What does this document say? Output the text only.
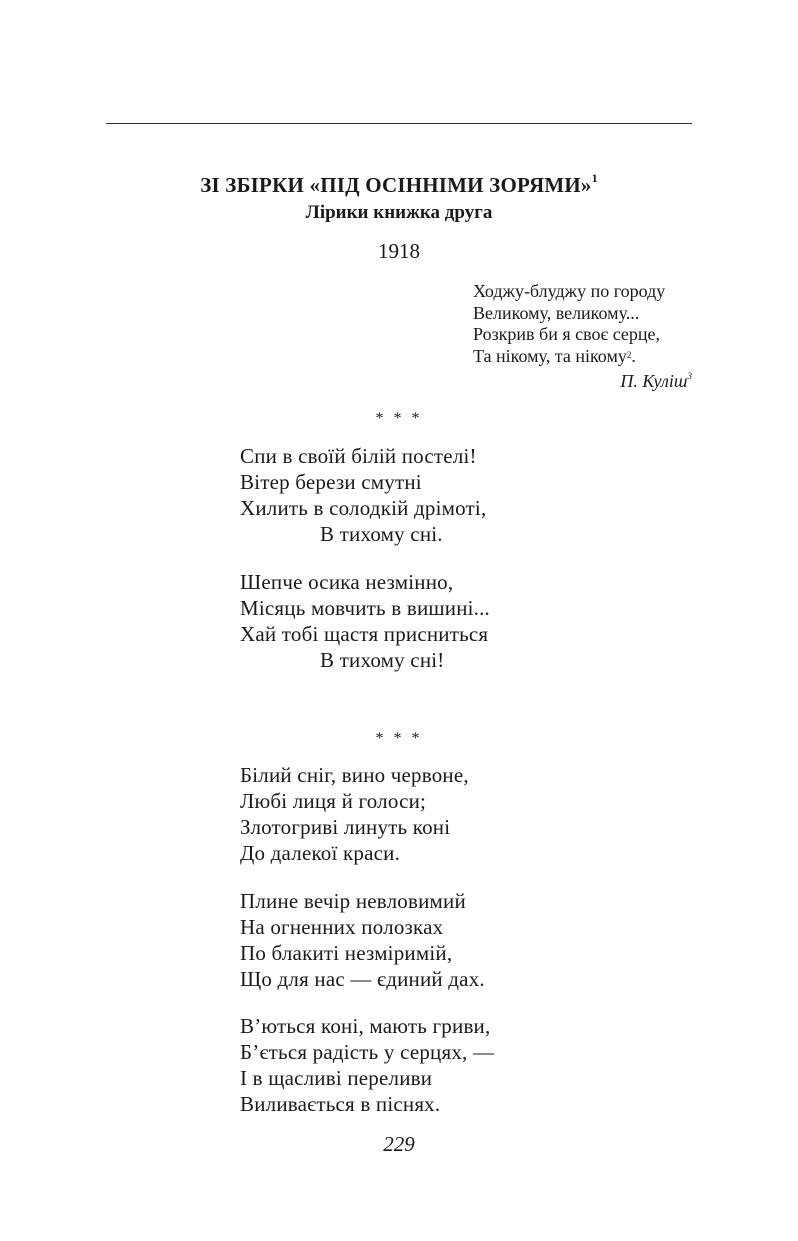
ЗІ ЗБІРКИ «ПІД ОСІННІМИ ЗОРЯМИ»$^1$
Лірики книжка друга
1918
Ходжу-блуджу по городу
Великому, великому...
Розкрив би я своє серце,
Та нікому, та нікому$^2$.
П. Куліш$^3$
* * *
Спи в своїй білій постелі!
Вітер берези смутні
Хилить в солодкій дрімоті,
В тихому сні.
Шепче осика незмінно,
Місяць мовчить в вишині...
Хай тобі щастя присниться
В тихому сні!
* * *
Білий сніг, вино червоне,
Любі лиця й голоси;
Злотогриві линуть коні
До далекої краси.
Плине вечір невловимий
На огненних полозках
По блакиті незміримій,
Що для нас — єдиний дах.
В’ються коні, мають гриви,
Б’ється радість у серцях, —
І в щасливі переливи
Виливається в піснях.
229
